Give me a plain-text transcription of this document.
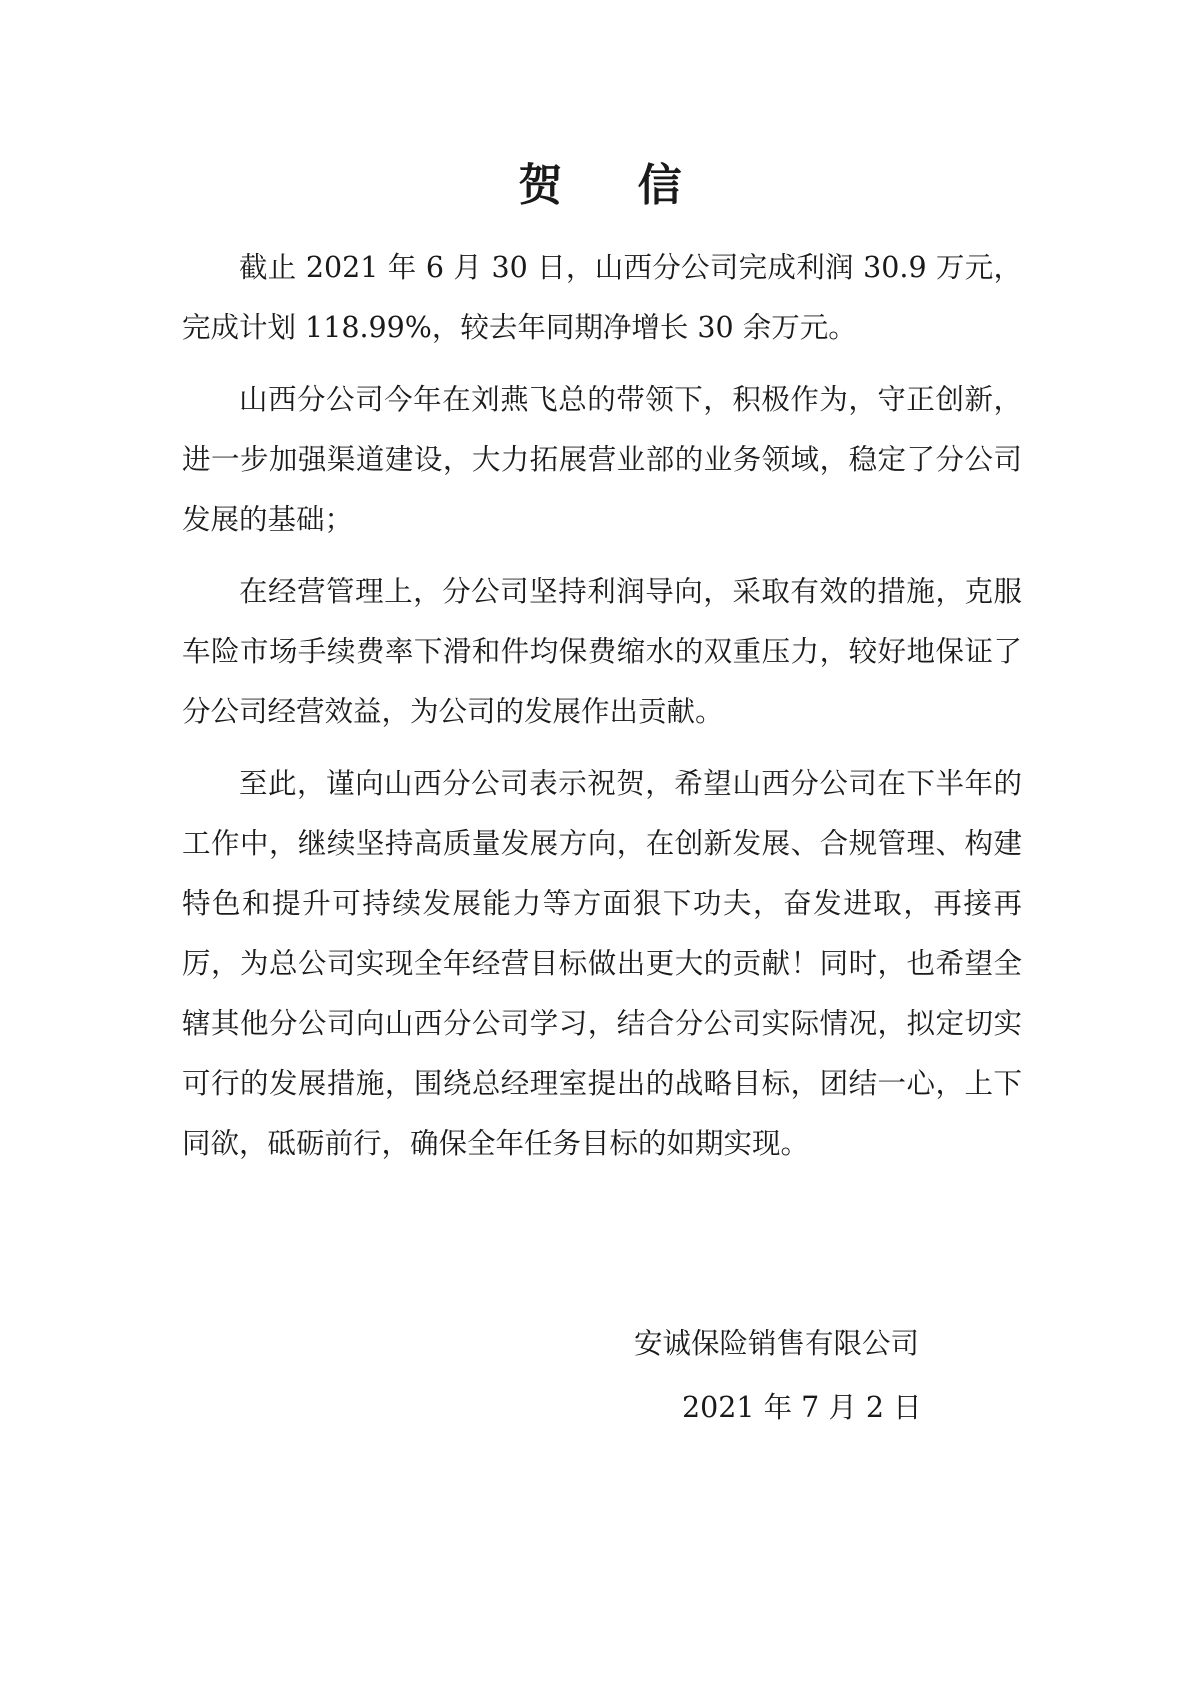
贺 信

截止 2021 年 6 月 30 日，山西分公司完成利润 30.9 万元，完成计划 118.99%，较去年同期净增长 30 余万元。

山西分公司今年在刘燕飞总的带领下，积极作为，守正创新，进一步加强渠道建设，大力拓展营业部的业务领域，稳定了分公司发展的基础；

在经营管理上，分公司坚持利润导向，采取有效的措施，克服车险市场手续费率下滑和件均保费缩水的双重压力，较好地保证了分公司经营效益，为公司的发展作出贡献。

至此，谨向山西分公司表示祝贺，希望山西分公司在下半年的工作中，继续坚持高质量发展方向，在创新发展、合规管理、构建特色和提升可持续发展能力等方面狠下功夫，奋发进取，再接再厉，为总公司实现全年经营目标做出更大的贡献！同时，也希望全辖其他分公司向山西分公司学习，结合分公司实际情况，拟定切实可行的发展措施，围绕总经理室提出的战略目标，团结一心，上下同欲，砥砺前行，确保全年任务目标的如期实现。

安诚保险销售有限公司
2021 年 7 月 2 日
